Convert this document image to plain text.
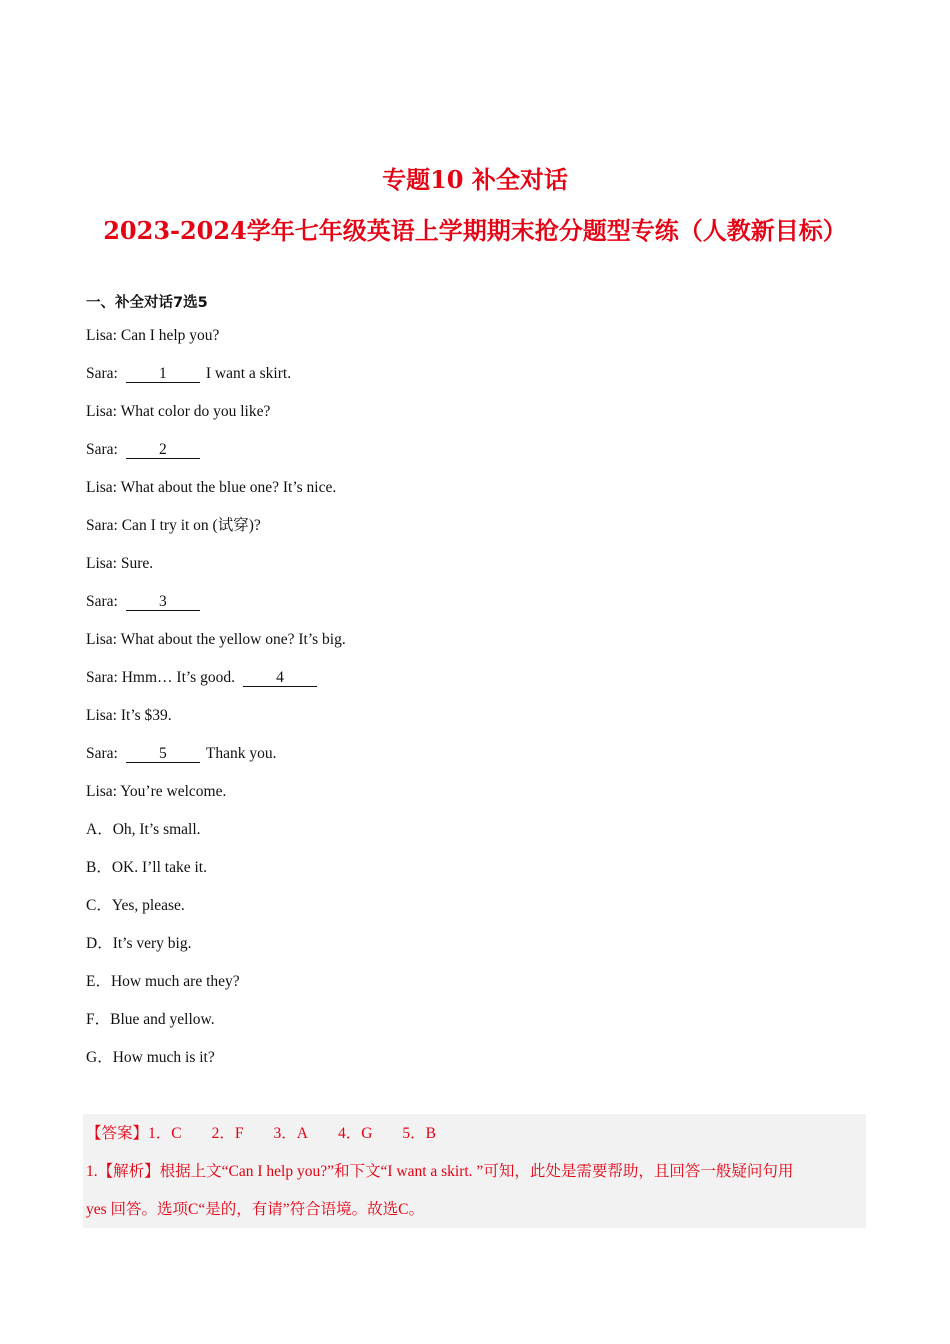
专题10 补全对话
2023-2024学年七年级英语上学期期末抢分题型专练（人教新目标）
一、补全对话7选5
Lisa: Can I help you?
Sara:	1	I want a skirt.
Lisa: What color do you like?
Sara:	2
Lisa: What about the blue one? It’s nice.
Sara: Can I try it on (试穿)?
Lisa: Sure.
Sara:	3
Lisa: What about the yellow one? It’s big.
Sara: Hmm… It’s good.	4
Lisa: It’s $39.
Sara:	5	Thank you.
Lisa: You’re welcome.
A．Oh, It’s small.
B．OK. I’ll take it.
C．Yes, please.
D．It’s very big.
E．How much are they?
F．Blue and yellow.
G．How much is it?
【答案】1．C 2．F 3．A 4．G 5．B
1.【解析】根据上文“Can I help you?”和下文“I want a skirt. ”可知，此处是需要帮助，且回答一般疑问句用
yes 回答。选项C“是的，有请”符合语境。故选C。
